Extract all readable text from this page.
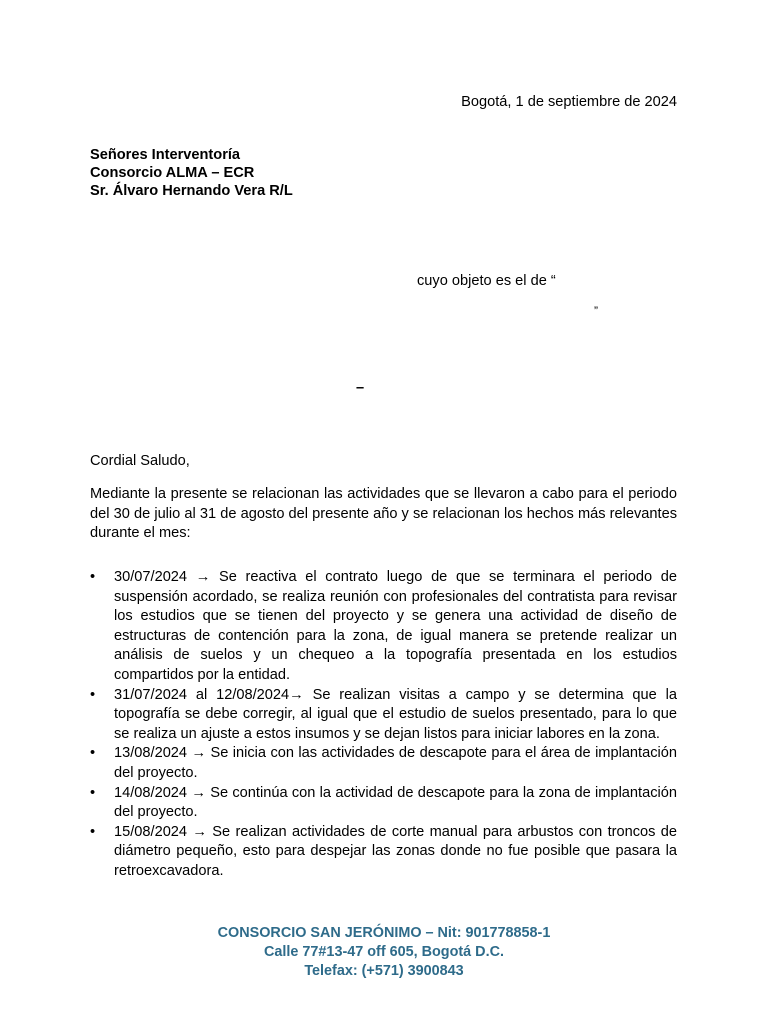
Bogotá, 1 de septiembre de 2024
Señores Interventoría
Consorcio ALMA – ECR
Sr. Álvaro Hernando Vera R/L
cuyo objeto es el de “
”
–
Cordial Saludo,
Mediante la presente se relacionan las actividades que se llevaron a cabo para el periodo del 30 de julio al 31 de agosto del presente año y se relacionan los hechos más relevantes durante el mes:
•	30/07/2024 → Se reactiva el contrato luego de que se terminara el periodo de suspensión acordado, se realiza reunión con profesionales del contratista para revisar los estudios que se tienen del proyecto y se genera una actividad de diseño de estructuras de contención para la zona, de igual manera se pretende realizar un análisis de suelos y un chequeo a la topografía presentada en los estudios compartidos por la entidad.
•	31/07/2024 al 12/08/2024→ Se realizan visitas a campo y se determina que la topografía se debe corregir, al igual que el estudio de suelos presentado, para lo que se realiza un ajuste a estos insumos y se dejan listos para iniciar labores en la zona.
•	13/08/2024 → Se inicia con las actividades de descapote para el área de implantación del proyecto.
•	14/08/2024 → Se continúa con la actividad de descapote para la zona de implantación del proyecto.
•	15/08/2024 → Se realizan actividades de corte manual para arbustos con troncos de diámetro pequeño, esto para despejar las zonas donde no fue posible que pasara la retroexcavadora.
CONSORCIO SAN JERÓNIMO – Nit: 901778858-1
Calle 77#13-47 off 605, Bogotá D.C.
Telefax: (+571) 3900843
